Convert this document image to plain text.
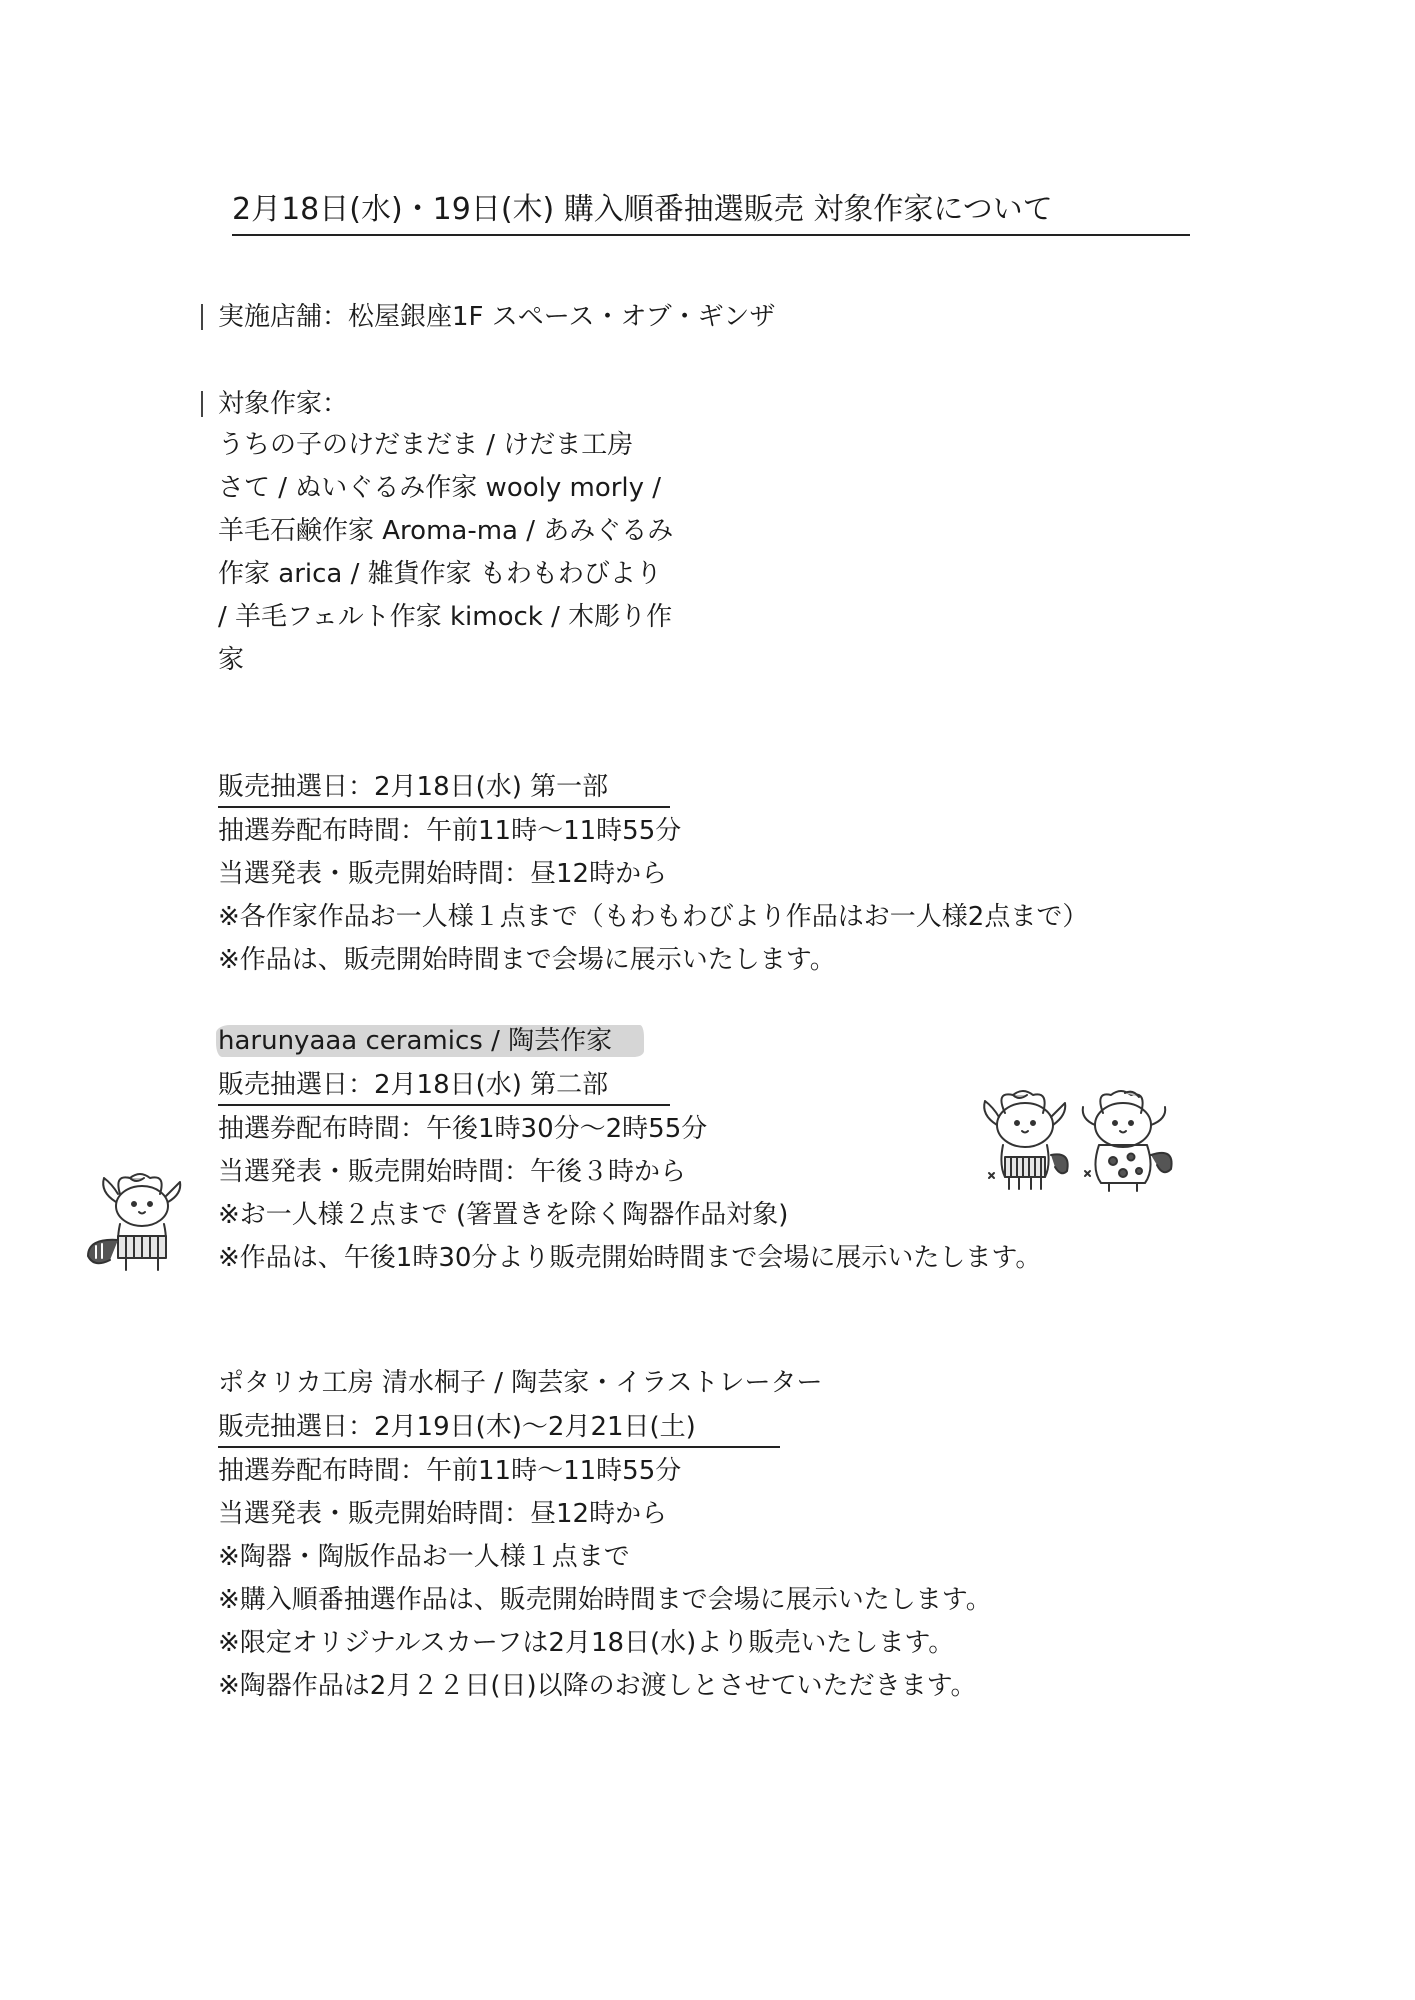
2月18日(水)・19日(木) 購入順番抽選販売 対象作家について
実施店舗：松屋銀座1F スペース・オブ・ギンザ
対象作家：

うちの子のけだまだま / けだま工房

さて / ぬいぐるみ作家 wooly morly /

羊毛石鹸作家 Aroma-ma / あみぐるみ

作家 arica / 雑貨作家 もわもわびより

/ 羊毛フェルト作家 kimock / 木彫り作

家

販売抽選日：2月18日(水) 第一部
抽選券配布時間：午前11時〜11時55分
当選発表・販売開始時間：昼12時から
※各作家作品お一人様１点まで（もわもわびより作品はお一人様2点まで）
※作品は、販売開始時間まで会場に展示いたします。
harunyaaa ceramics / 陶芸作家
販売抽選日：2月18日(水) 第二部
抽選券配布時間：午後1時30分〜2時55分
当選発表・販売開始時間：午後３時から
※お一人様２点まで (箸置きを除く陶器作品対象)
※作品は、午後1時30分より販売開始時間まで会場に展示いたします。
ポタリカ工房 清水桐子 / 陶芸家・イラストレーター
販売抽選日：2月19日(木)〜2月21日(土)
抽選券配布時間：午前11時〜11時55分
当選発表・販売開始時間：昼12時から
※陶器・陶版作品お一人様１点まで
※購入順番抽選作品は、販売開始時間まで会場に展示いたします。
※限定オリジナルスカーフは2月18日(水)より販売いたします。
※陶器作品は2月２２日(日)以降のお渡しとさせていただきます。
